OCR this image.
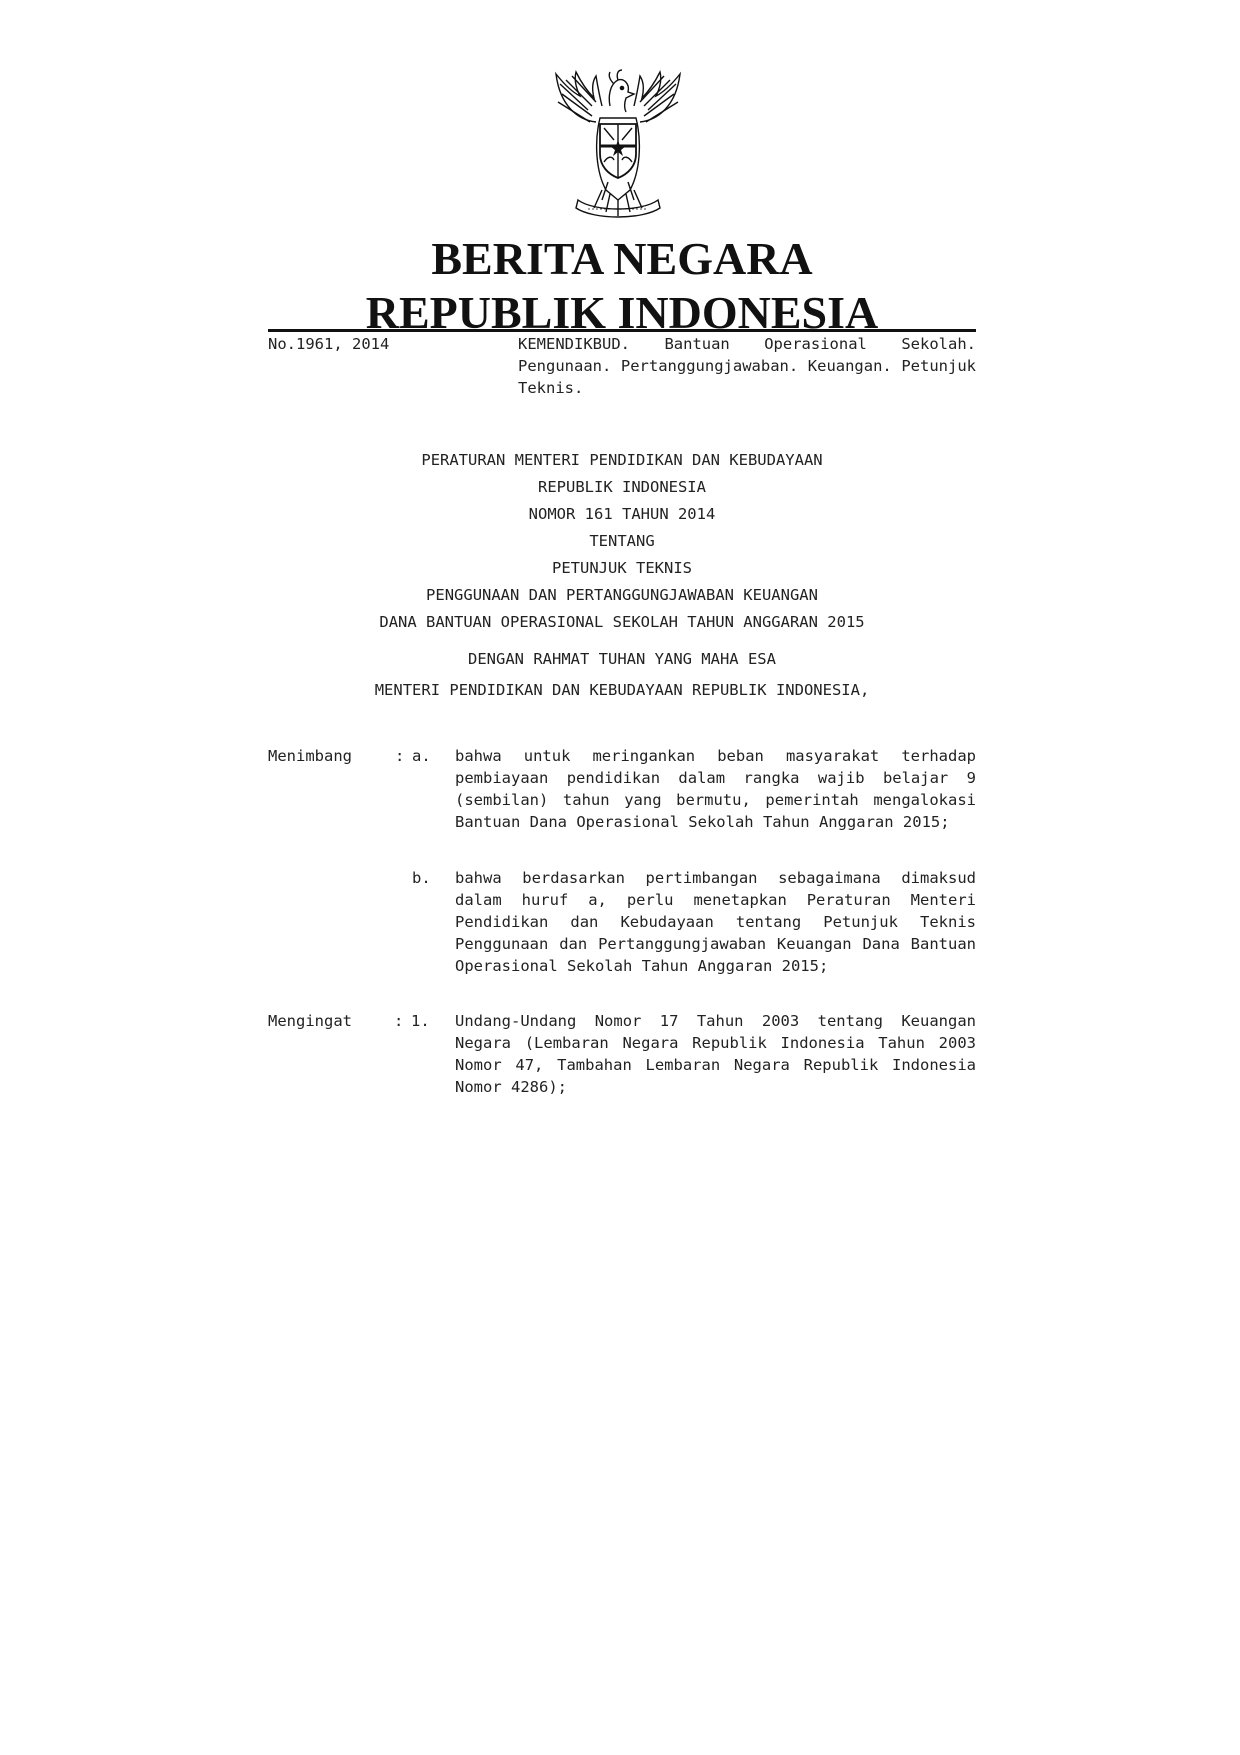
BERITA NEGARA
REPUBLIK INDONESIA
No.1961, 2014	KEMENDIKBUD. Bantuan Operasional Sekolah. Pengunaan. Pertanggungjawaban. Keuangan. Petunjuk Teknis.
PERATURAN MENTERI PENDIDIKAN DAN KEBUDAYAAN
REPUBLIK INDONESIA
NOMOR 161 TAHUN 2014
TENTANG
PETUNJUK TEKNIS
PENGGUNAAN DAN PERTANGGUNGJAWABAN KEUANGAN
DANA BANTUAN OPERASIONAL SEKOLAH TAHUN ANGGARAN 2015
DENGAN RAHMAT TUHAN YANG MAHA ESA
MENTERI PENDIDIKAN DAN KEBUDAYAAN REPUBLIK INDONESIA,
Menimbang	: a. bahwa untuk meringankan beban masyarakat terhadap pembiayaan pendidikan dalam rangka wajib belajar 9 (sembilan) tahun yang bermutu, pemerintah mengalokasi Bantuan Dana Operasional Sekolah Tahun Anggaran 2015;
b. bahwa berdasarkan pertimbangan sebagaimana dimaksud dalam huruf a, perlu menetapkan Peraturan Menteri Pendidikan dan Kebudayaan tentang Petunjuk Teknis Penggunaan dan Pertanggungjawaban Keuangan Dana Bantuan Operasional Sekolah Tahun Anggaran 2015;
Mengingat	: 1. Undang-Undang Nomor 17 Tahun 2003 tentang Keuangan Negara (Lembaran Negara Republik Indonesia Tahun 2003 Nomor 47, Tambahan Lembaran Negara Republik Indonesia Nomor 4286);
